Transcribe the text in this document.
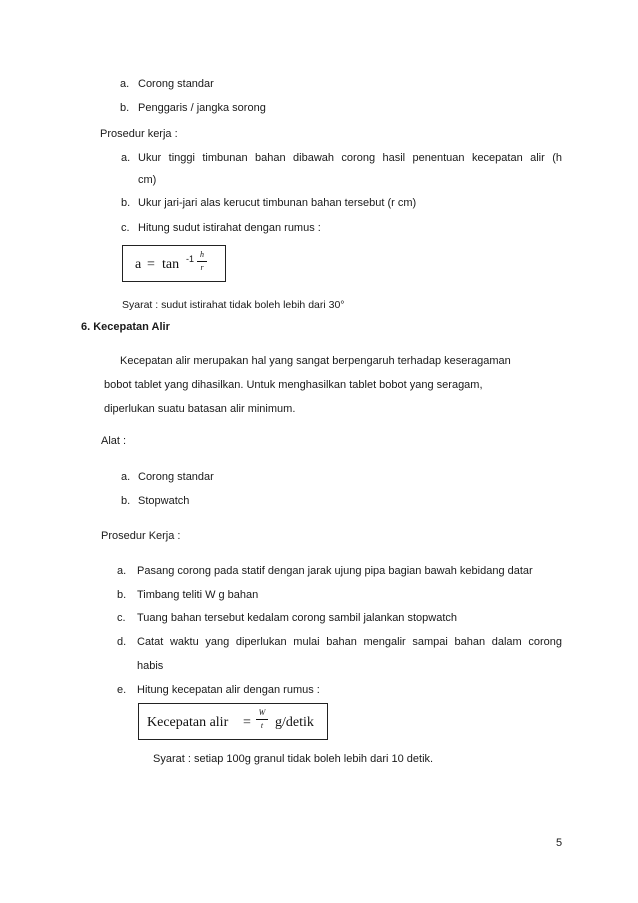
a. Corong standar
b. Penggaris / jangka sorong
Prosedur kerja :
a. Ukur tinggi timbunan bahan dibawah corong hasil penentuan kecepatan alir (h
cm)
b. Ukur jari-jari alas kerucut timbunan bahan tersebut (r cm)
c. Hitung sudut istirahat dengan rumus :
a = tan -1 h
r
Syarat : sudut istirahat tidak boleh lebih dari 30°
6. Kecepatan Alir
Kecepatan alir merupakan hal yang sangat berpengaruh terhadap keseragaman
bobot tablet yang dihasilkan. Untuk menghasilkan tablet bobot yang seragam,
diperlukan suatu batasan alir minimum.
Alat :
a. Corong standar
b. Stopwatch
Prosedur Kerja :
a. Pasang corong pada statif dengan jarak ujung pipa bagian bawah kebidang datar
b. Timbang teliti W g bahan
c. Tuang bahan tersebut kedalam corong sambil jalankan stopwatch
d. Catat waktu yang diperlukan mulai bahan mengalir sampai bahan dalam corong
habis
e. Hitung kecepatan alir dengan rumus :
Kecepatan alir =
W
t g/detik
Syarat : setiap 100g granul tidak boleh lebih dari 10 detik.
5
